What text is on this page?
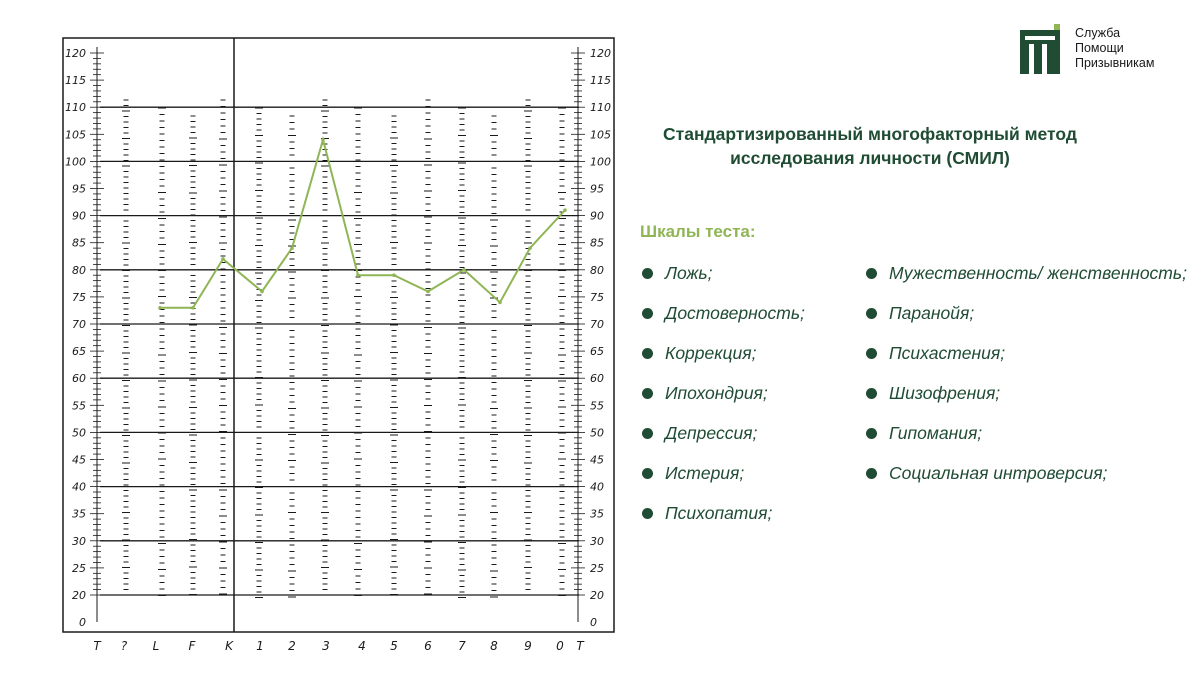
0	0
20	20
25	25
30	30
35	35
40	40
45	45
50	50
55	55
60	60
65	65
70	70
75	75
80	80
85	85
90	90
95	95
100	100
105	105
110	110
115	115
120	120
T ? L F K 1 2 3 4 5 6 7 8 9 0 T
Служба
Помощи
Призывникам
Стандартизированный многофакторный метод
исследования личности (СМИЛ)
Шкалы теста:
Ложь;
Достоверность;
Коррекция;
Ипохондрия;
Депрессия;
Истерия;
Психопатия;
Мужественность/ женственность;
Паранойя;
Психастения;
Шизофрения;
Гипомания;
Социальная интроверсия;
